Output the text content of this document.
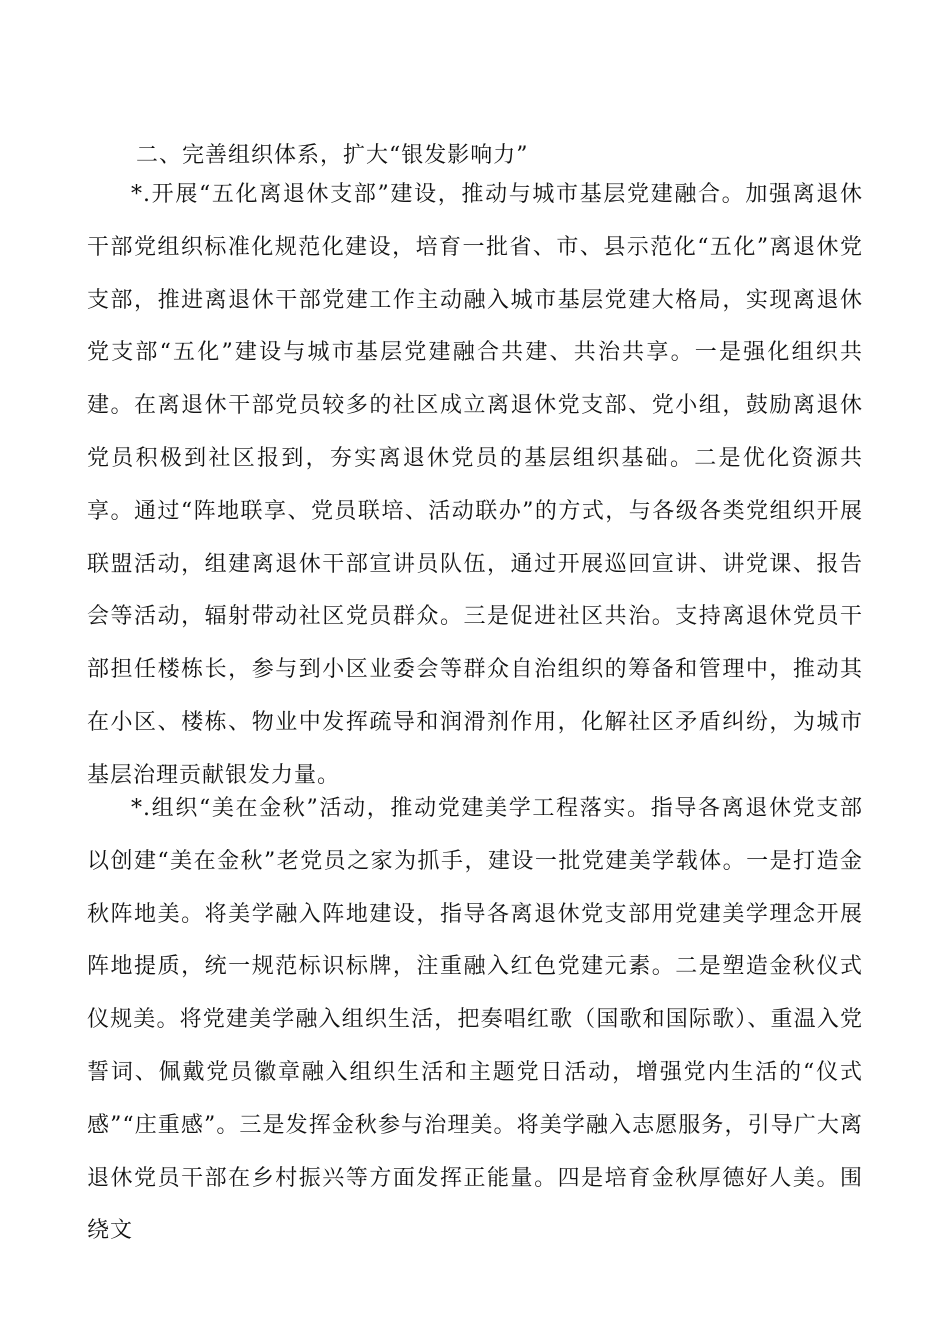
二、完善组织体系，扩大“银发影响力”

*.开展“五化离退休支部”建设，推动与城市基层党建融合。加强离退休干部党组织标准化规范化建设，培育一批省、市、县示范化“五化”离退休党支部，推进离退休干部党建工作主动融入城市基层党建大格局，实现离退休党支部“五化”建设与城市基层党建融合共建、共治共享。一是强化组织共建。在离退休干部党员较多的社区成立离退休党支部、党小组，鼓励离退休党员积极到社区报到，夯实离退休党员的基层组织基础。二是优化资源共享。通过“阵地联享、党员联培、活动联办”的方式，与各级各类党组织开展联盟活动，组建离退休干部宣讲员队伍，通过开展巡回宣讲、讲党课、报告会等活动，辐射带动社区党员群众。三是促进社区共治。支持离退休党员干部担任楼栋长，参与到小区业委会等群众自治组织的筹备和管理中，推动其在小区、楼栋、物业中发挥疏导和润滑剂作用，化解社区矛盾纠纷，为城市基层治理贡献银发力量。

*.组织“美在金秋”活动，推动党建美学工程落实。指导各离退休党支部以创建“美在金秋”老党员之家为抓手，建设一批党建美学载体。一是打造金秋阵地美。将美学融入阵地建设，指导各离退休党支部用党建美学理念开展阵地提质，统一规范标识标牌，注重融入红色党建元素。二是塑造金秋仪式仪规美。将党建美学融入组织生活，把奏唱红歌（国歌和国际歌）、重温入党誓词、佩戴党员徽章融入组织生活和主题党日活动，增强党内生活的“仪式感”“庄重感”。三是发挥金秋参与治理美。将美学融入志愿服务，引导广大离退休党员干部在乡村振兴等方面发挥正能量。四是培育金秋厚德好人美。围绕文
